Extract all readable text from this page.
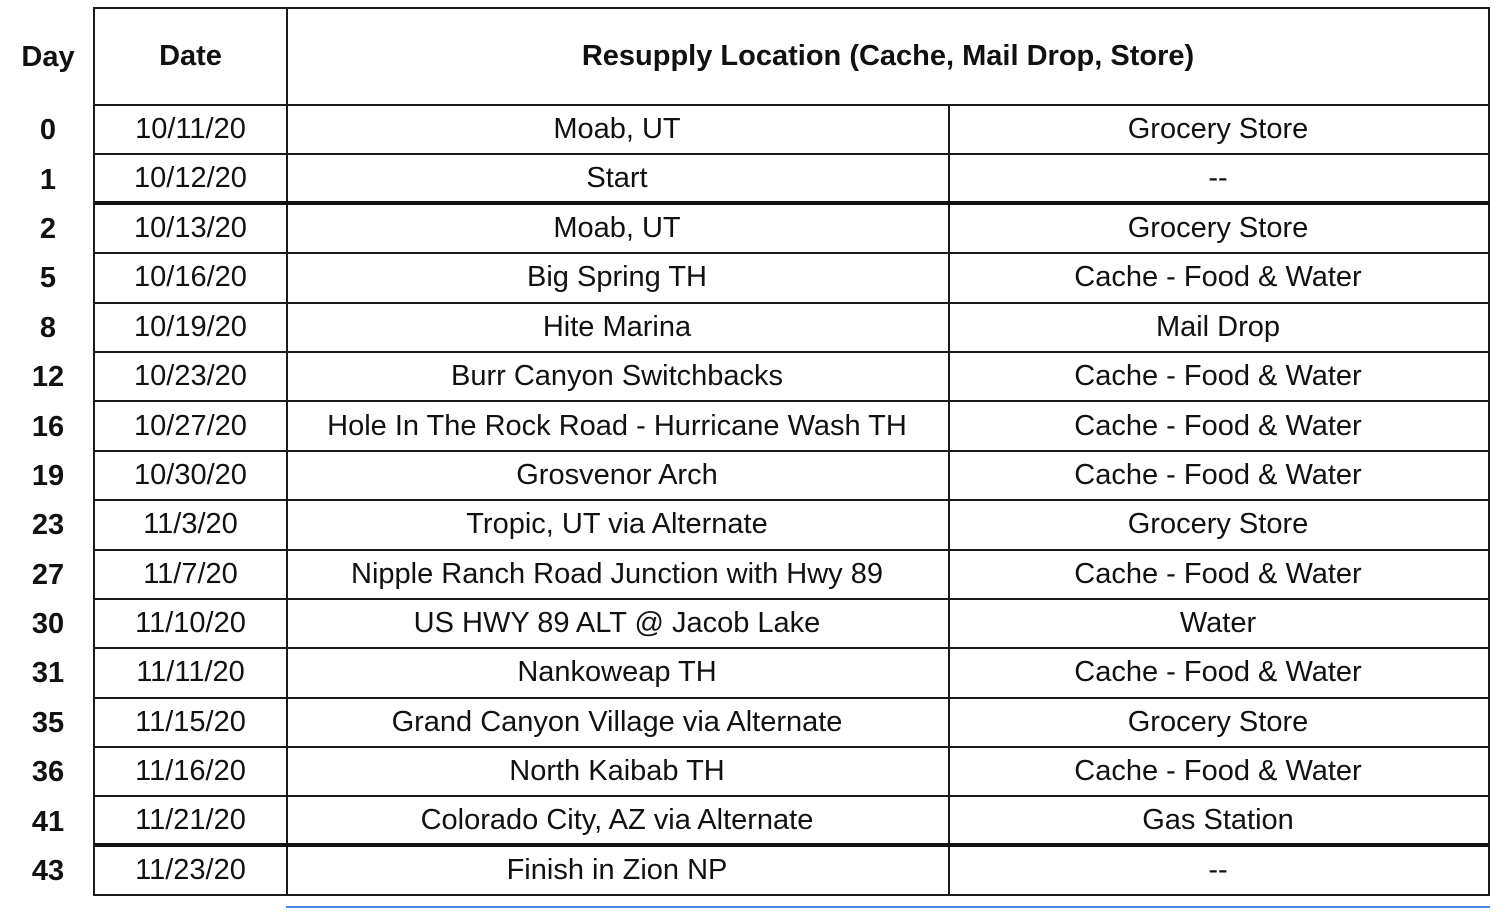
Day	Date	Resupply Location (Cache, Mail Drop, Store)
0	10/11/20	Moab, UT	Grocery Store
1	10/12/20	Start	--
2	10/13/20	Moab, UT	Grocery Store
5	10/16/20	Big Spring TH	Cache - Food & Water
8	10/19/20	Hite Marina	Mail Drop
12	10/23/20	Burr Canyon Switchbacks	Cache - Food & Water
16	10/27/20	Hole In The Rock Road - Hurricane Wash TH	Cache - Food & Water
19	10/30/20	Grosvenor Arch	Cache - Food & Water
23	11/3/20	Tropic, UT via Alternate	Grocery Store
27	11/7/20	Nipple Ranch Road Junction with Hwy 89	Cache - Food & Water
30	11/10/20	US HWY 89 ALT @ Jacob Lake	Water
31	11/11/20	Nankoweap TH	Cache - Food & Water
35	11/15/20	Grand Canyon Village via Alternate	Grocery Store
36	11/16/20	North Kaibab TH	Cache - Food & Water
41	11/21/20	Colorado City, AZ via Alternate	Gas Station
43	11/23/20	Finish in Zion NP	--
